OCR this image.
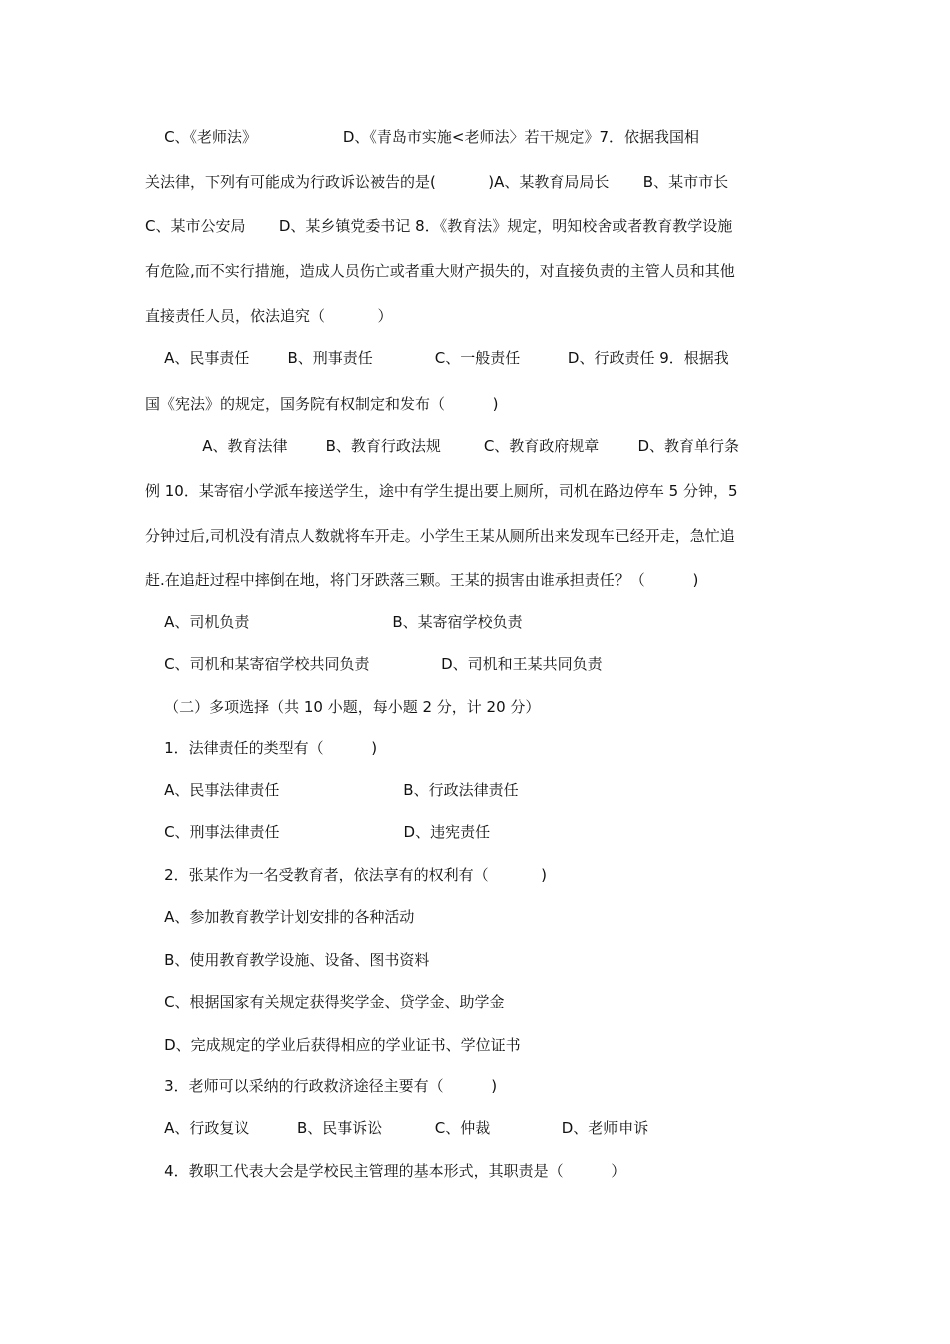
C、《老师法》                  D、《青岛市实施<老师法〉若干规定》7．依据我国相
关法律，下列有可能成为行政诉讼被告的是(           )A、某教育局局长       B、某市市长
C、某市公安局       D、某乡镇党委书记 8．《教育法》规定，明知校舍或者教育教学设施
有危险,而不实行措施，造成人员伤亡或者重大财产损失的，对直接负责的主管人员和其他
直接责任人员，依法追究（           ）
A、民事责任        B、刑事责任             C、一般责任          D、行政责任 9．根据我
国《宪法》的规定，国务院有权制定和发布（          )
A、教育法律        B、教育行政法规         C、教育政府规章        D、教育单行条
例 10．某寄宿小学派车接送学生，途中有学生提出要上厕所，司机在路边停车 5 分钟，5
分钟过后,司机没有清点人数就将车开走。小学生王某从厕所出来发现车已经开走，急忙追
赶.在追赶过程中摔倒在地，将门牙跌落三颗。王某的损害由谁承担责任？（          )
A、司机负责                              B、某寄宿学校负责
C、司机和某寄宿学校共同负责               D、司机和王某共同负责
（二）多项选择（共 10 小题，每小题 2 分，计 20 分）
1．法律责任的类型有（          )
A、民事法律责任                          B、行政法律责任
C、刑事法律责任                          D、违宪责任
2．张某作为一名受教育者，依法享有的权利有（           )
A、参加教育教学计划安排的各种活动
B、使用教育教学设施、设备、图书资料
C、根据国家有关规定获得奖学金、贷学金、助学金
D、完成规定的学业后获得相应的学业证书、学位证书
3．老师可以采纳的行政救济途径主要有（          )
A、行政复议          B、民事诉讼           C、仲裁               D、老师申诉
4．教职工代表大会是学校民主管理的基本形式，其职责是（          ）
